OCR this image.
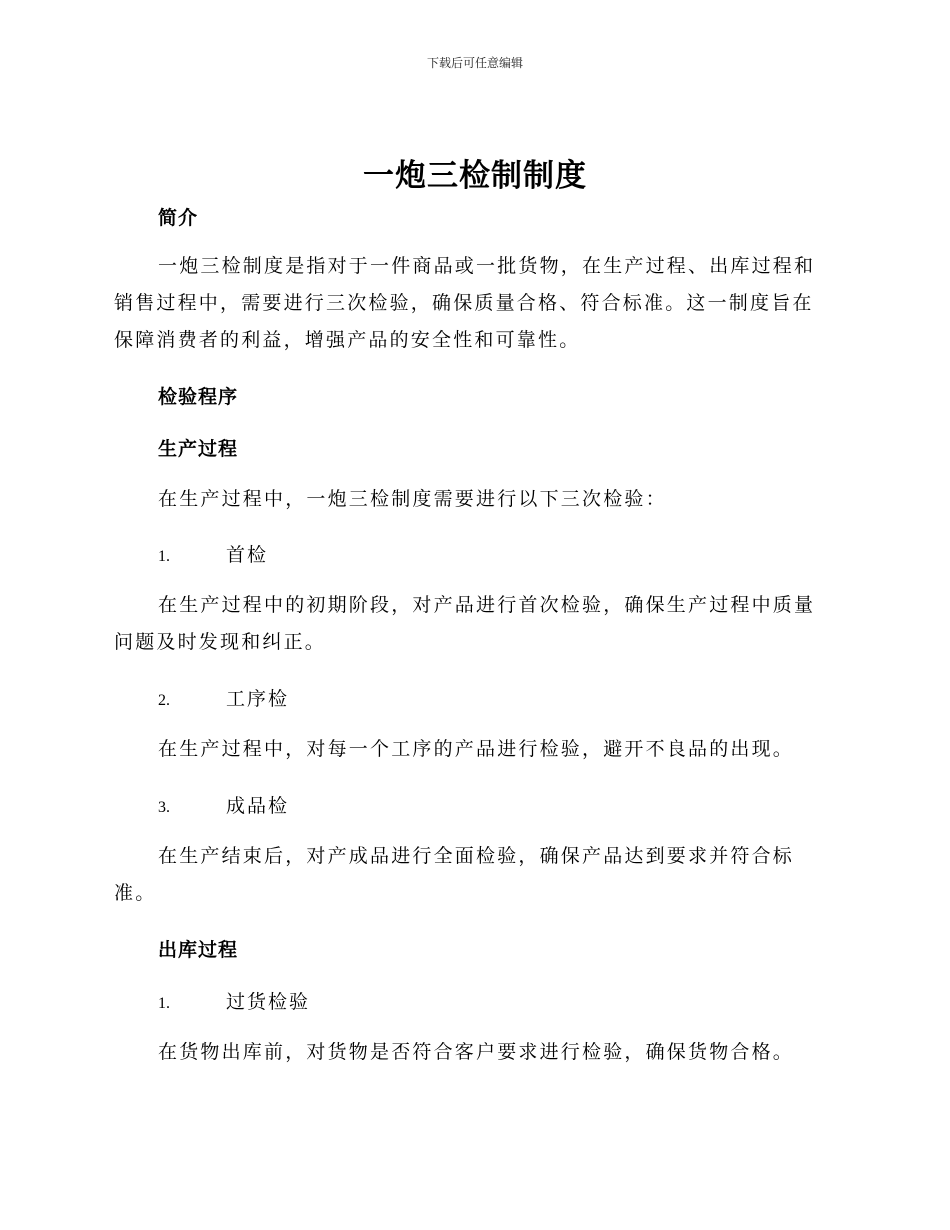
下载后可任意编辑
一炮三检制制度
简介

一炮三检制度是指对于一件商品或一批货物，在生产过程、出库过程和销售过程中，需要进行三次检验，确保质量合格、符合标准。这一制度旨在保障消费者的利益，增强产品的安全性和可靠性。

检验程序
生产过程

在生产过程中，一炮三检制度需要进行以下三次检验：

1.	首检

在生产过程中的初期阶段，对产品进行首次检验，确保生产过程中质量问题及时发现和纠正。

2.	工序检

在生产过程中，对每一个工序的产品进行检验，避开不良品的出现。

3.	成品检

在生产结束后，对产成品进行全面检验，确保产品达到要求并符合标准。

出库过程
1.	过货检验

在货物出库前，对货物是否符合客户要求进行检验，确保货物合格。
